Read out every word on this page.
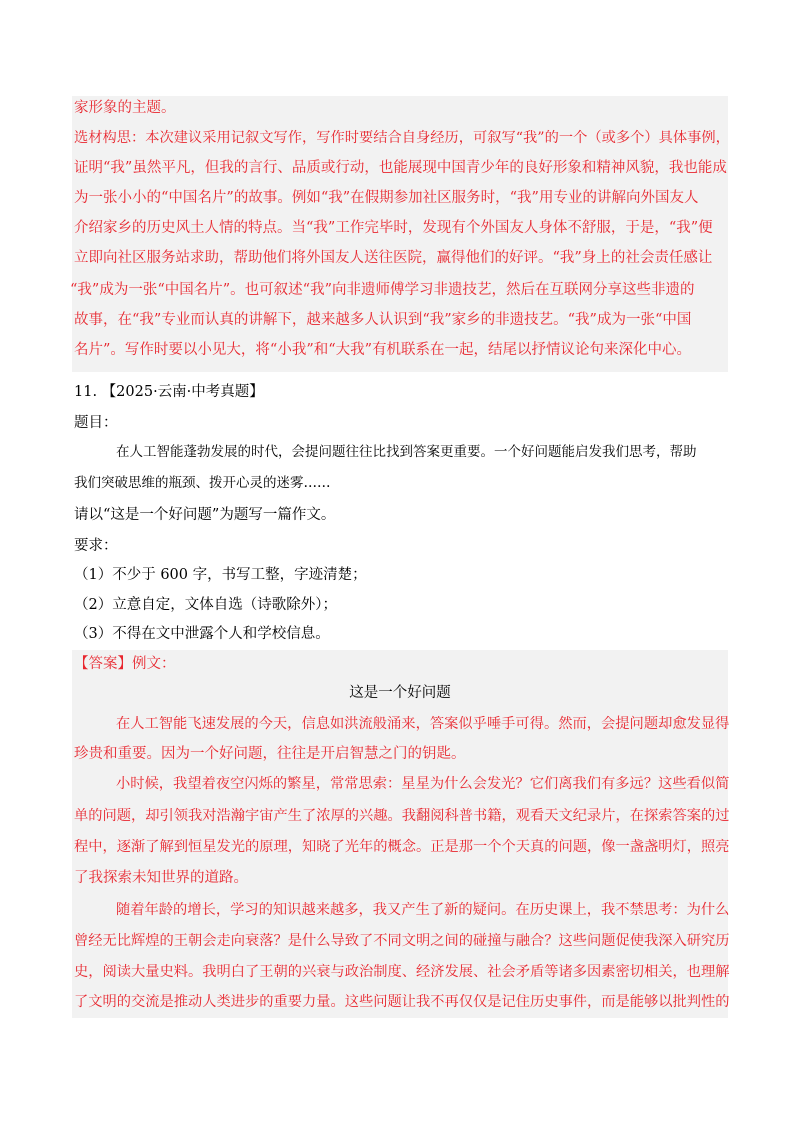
家形象的主题。
选材构思：本次建议采用记叙文写作，写作时要结合自身经历，可叙写“我”的一个（或多个）具体事例，
证明“我”虽然平凡，但我的言行、品质或行动，也能展现中国青少年的良好形象和精神风貌，我也能成
为一张小小的“中国名片”的故事。例如“我”在假期参加社区服务时，“我”用专业的讲解向外国友人
介绍家乡的历史风土人情的特点。当“我”工作完毕时，发现有个外国友人身体不舒服，于是，“我”便
立即向社区服务站求助，帮助他们将外国友人送往医院，赢得他们的好评。“我”身上的社会责任感让
“我”成为一张“中国名片”。也可叙述“我”向非遗师傅学习非遗技艺，然后在互联网分享这些非遗的
故事，在“我”专业而认真的讲解下，越来越多人认识到“我”家乡的非遗技艺。“我”成为一张“中国
名片”。写作时要以小见大，将“小我”和“大我”有机联系在一起，结尾以抒情议论句来深化中心。
11. 【2025·云南·中考真题】
题目：
在人工智能蓬勃发展的时代，会提问题往往比找到答案更重要。一个好问题能启发我们思考，帮助
我们突破思维的瓶颈、拨开心灵的迷雾……
请以“这是一个好问题”为题写一篇作文。
要求：
（1）不少于 600 字，书写工整，字迹清楚；
（2）立意自定，文体自选（诗歌除外）；
（3）不得在文中泄露个人和学校信息。
【答案】例文：
这是一个好问题
在人工智能飞速发展的今天，信息如洪流般涌来，答案似乎唾手可得。然而，会提问题却愈发显得
珍贵和重要。因为一个好问题，往往是开启智慧之门的钥匙。
小时候，我望着夜空闪烁的繁星，常常思索：星星为什么会发光？它们离我们有多远？这些看似简
单的问题，却引领我对浩瀚宇宙产生了浓厚的兴趣。我翻阅科普书籍，观看天文纪录片，在探索答案的过
程中，逐渐了解到恒星发光的原理，知晓了光年的概念。正是那一个个天真的问题，像一盏盏明灯，照亮
了我探索未知世界的道路。
随着年龄的增长，学习的知识越来越多，我又产生了新的疑问。在历史课上，我不禁思考：为什么
曾经无比辉煌的王朝会走向衰落？是什么导致了不同文明之间的碰撞与融合？这些问题促使我深入研究历
史，阅读大量史料。我明白了王朝的兴衰与政治制度、经济发展、社会矛盾等诸多因素密切相关，也理解
了文明的交流是推动人类进步的重要力量。这些问题让我不再仅仅是记住历史事件，而是能够以批判性的
